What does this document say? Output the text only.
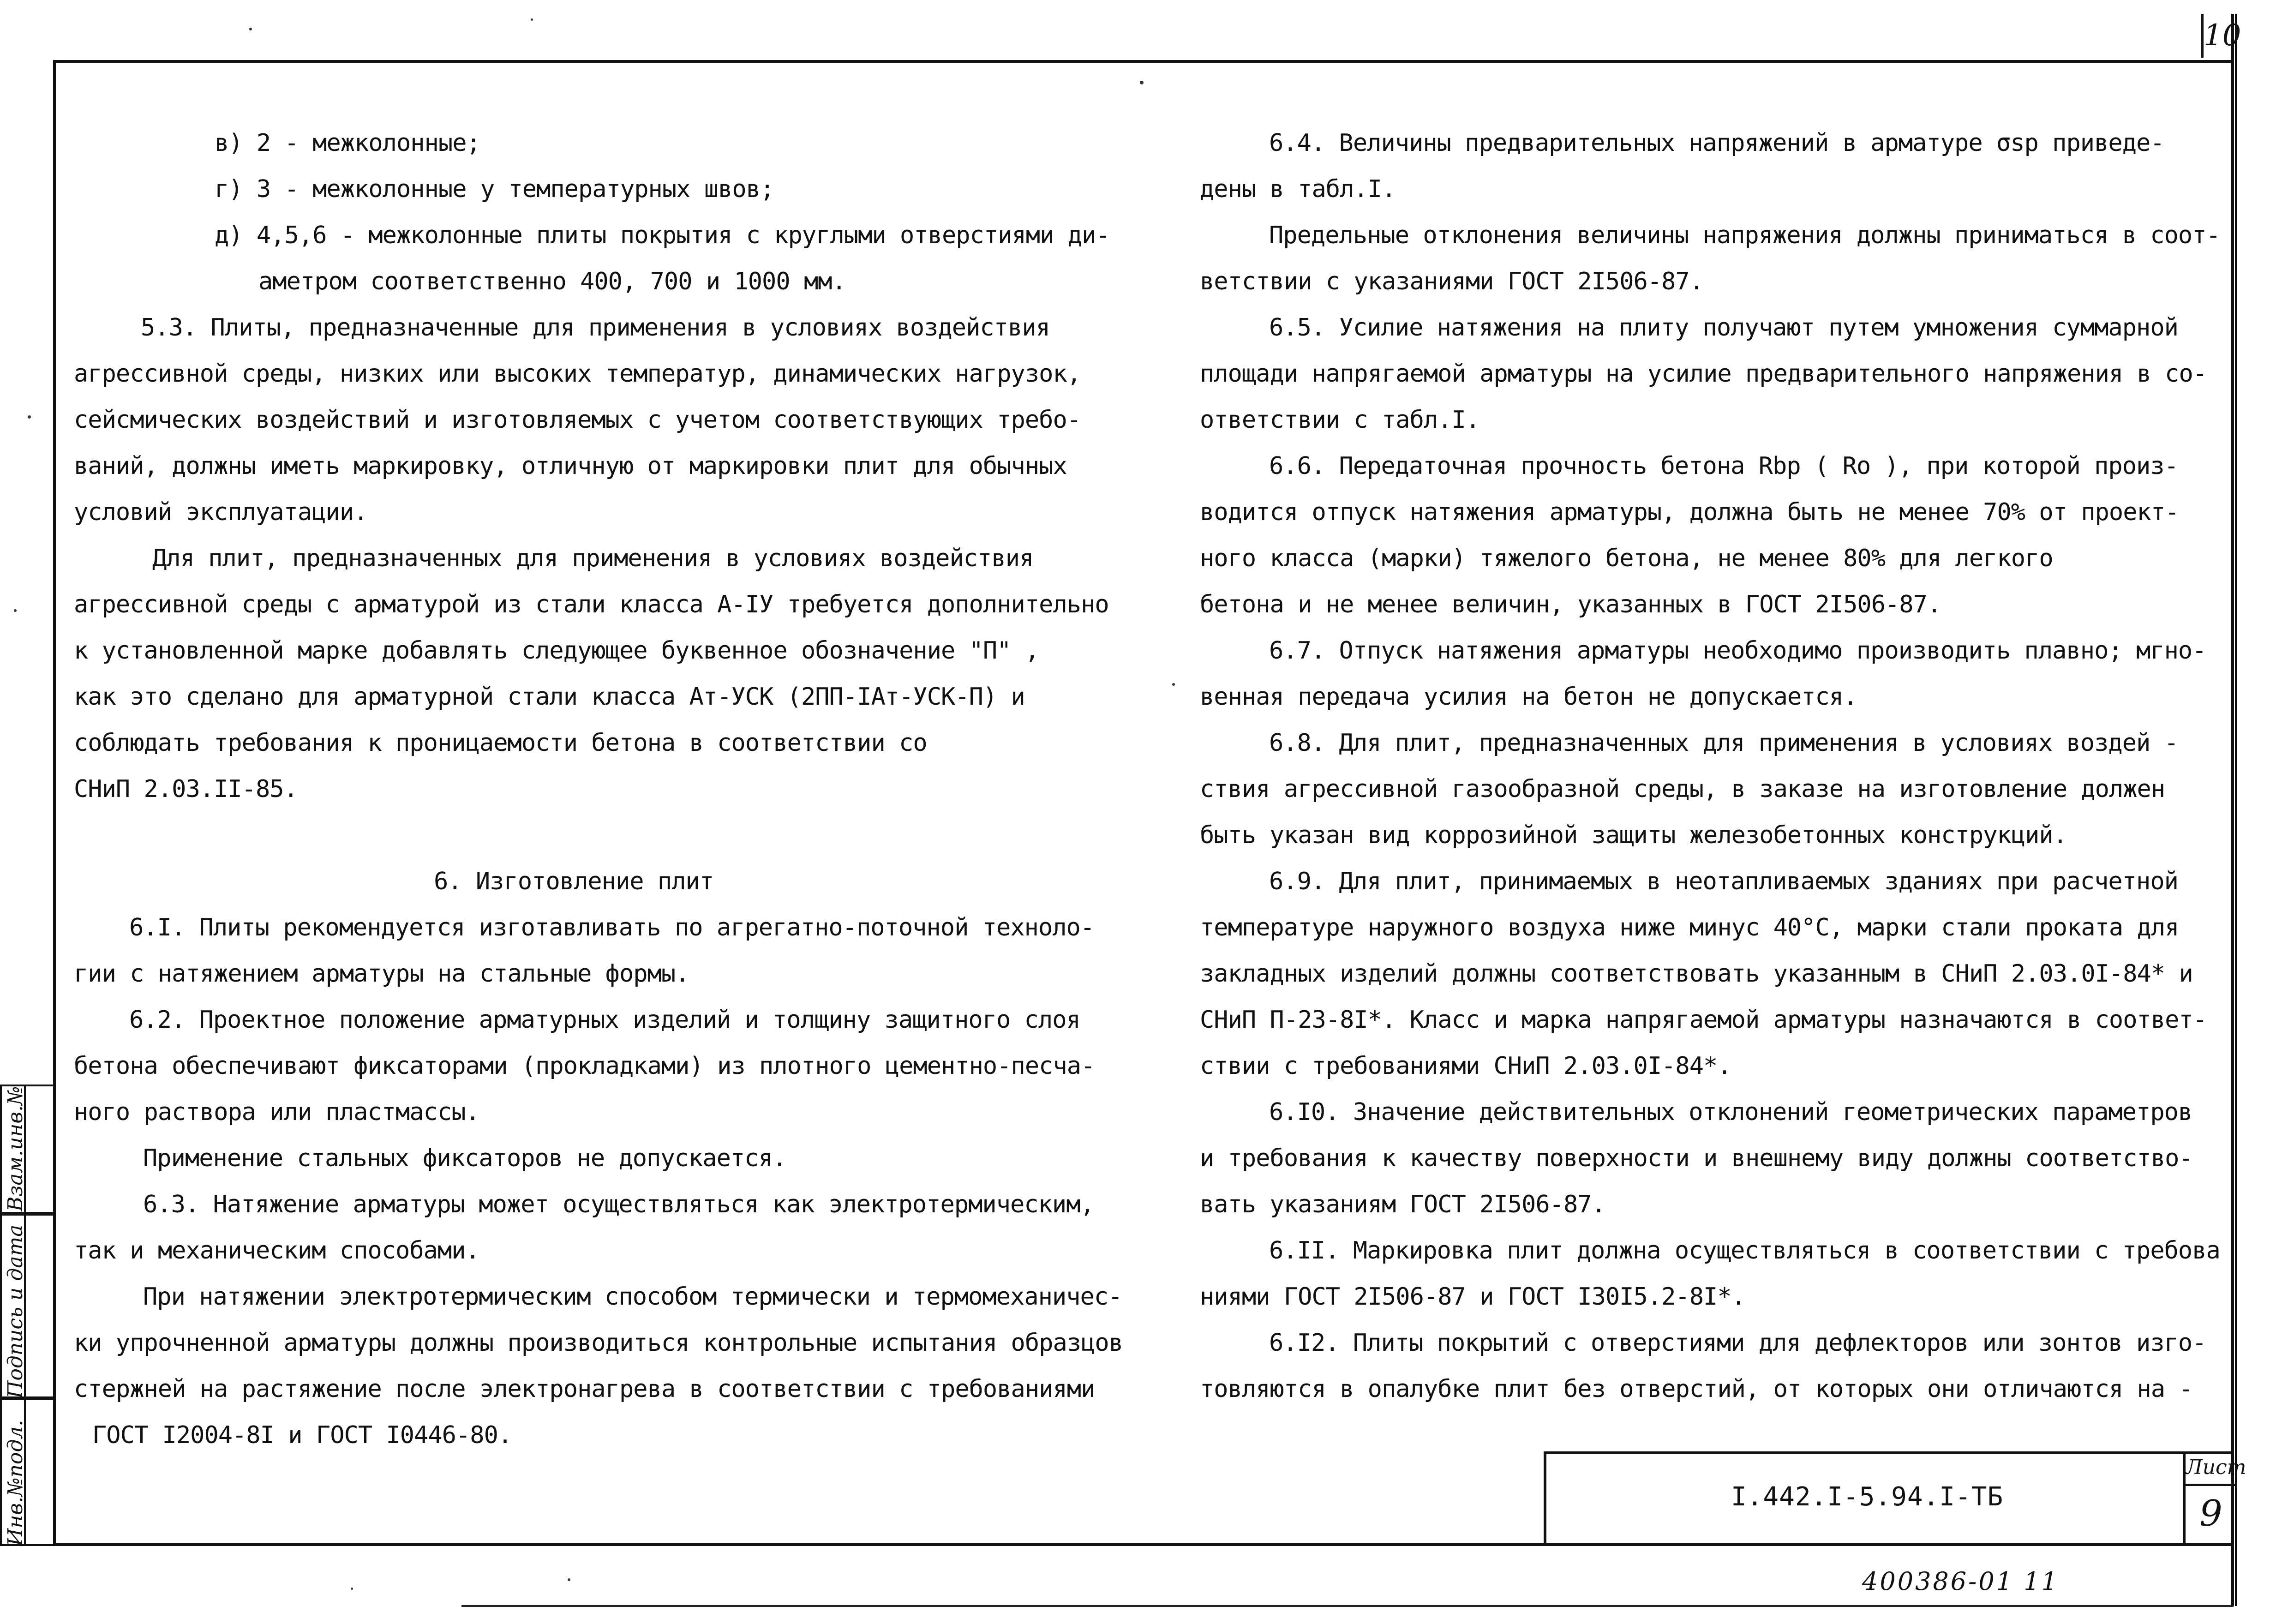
10
в) 2 - межколонные;
г) 3 - межколонные у температурных швов;
д) 4,5,6 - межколонные плиты покрытия с круглыми отверстиями ди-
аметром соответственно 400, 700 и 1000 мм.
5.3. Плиты, предназначенные для применения в условиях воздействия
агрессивной среды, низких или высоких температур, динамических нагрузок,
сейсмических воздействий и изготовляемых с учетом соответствующих требо-
ваний, должны иметь маркировку, отличную от маркировки плит для обычных
условий эксплуатации.
Для плит, предназначенных для применения в условиях воздействия
агрессивной среды с арматурой из стали класса А-IУ требуется дополнительно
к установленной марке добавлять следующее буквенное обозначение "П" ,
как это сделано для арматурной стали класса Ат-УСК (2ПП-IАт-УСК-П) и
соблюдать требования к проницаемости бетона в соответствии со
СНиП 2.03.II-85.
6. Изготовление плит
6.I. Плиты рекомендуется изготавливать по агрегатно-поточной техноло-
гии с натяжением арматуры на стальные формы.
6.2. Проектное положение арматурных изделий и толщину защитного слоя
бетона обеспечивают фиксаторами (прокладками) из плотного цементно-песча-
ного раствора или пластмассы.
Применение стальных фиксаторов не допускается.
6.3. Натяжение арматуры может осуществляться как электротермическим,
так и механическим способами.
При натяжении электротермическим способом термически и термомеханичес-
ки упрочненной арматуры должны производиться контрольные испытания образцов
стержней на растяжение после электронагрева в соответствии с требованиями
ГОСТ I2004-8I и ГОСТ I0446-80.
6.4. Величины предварительных напряжений в арматуре σsp приведе-
дены в табл.I.
Предельные отклонения величины напряжения должны приниматься в соот-
ветствии с указаниями ГОСТ 2I506-87.
6.5. Усилие натяжения на плиту получают путем умножения суммарной
площади напрягаемой арматуры на усилие предварительного напряжения в со-
ответствии с табл.I.
6.6. Передаточная прочность бетона Rbp ( Ro ), при которой произ-
водится отпуск натяжения арматуры, должна быть не менее 70% от проект-
ного класса (марки) тяжелого бетона, не менее 80% для легкого
бетона и не менее величин, указанных в ГОСТ 2I506-87.
6.7. Отпуск натяжения арматуры необходимо производить плавно; мгно-
венная передача усилия на бетон не допускается.
6.8. Для плит, предназначенных для применения в условиях воздей -
ствия агрессивной газообразной среды, в заказе на изготовление должен
быть указан вид коррозийной защиты железобетонных конструкций.
6.9. Для плит, принимаемых в неотапливаемых зданиях при расчетной
температуре наружного воздуха ниже минус 40°С, марки стали проката для
закладных изделий должны соответствовать указанным в СНиП 2.03.0I-84* и
СНиП П-23-8I*. Класс и марка напрягаемой арматуры назначаются в соответ-
ствии с требованиями СНиП 2.03.0I-84*.
6.I0. Значение действительных отклонений геометрических параметров
и требования к качеству поверхности и внешнему виду должны соответство-
вать указаниям ГОСТ 2I506-87.
6.II. Маркировка плит должна осуществляться в соответствии с требова
ниями ГОСТ 2I506-87 и ГОСТ I30I5.2-8I*.
6.I2. Плиты покрытий с отверстиями для дефлекторов или зонтов изго-
товляются в опалубке плит без отверстий, от которых они отличаются на -
I.442.I-5.94.I-ТБ
Лист
9
400386-01 11
Инв.№подл.
Подпись и дата
Взам.инв.№
